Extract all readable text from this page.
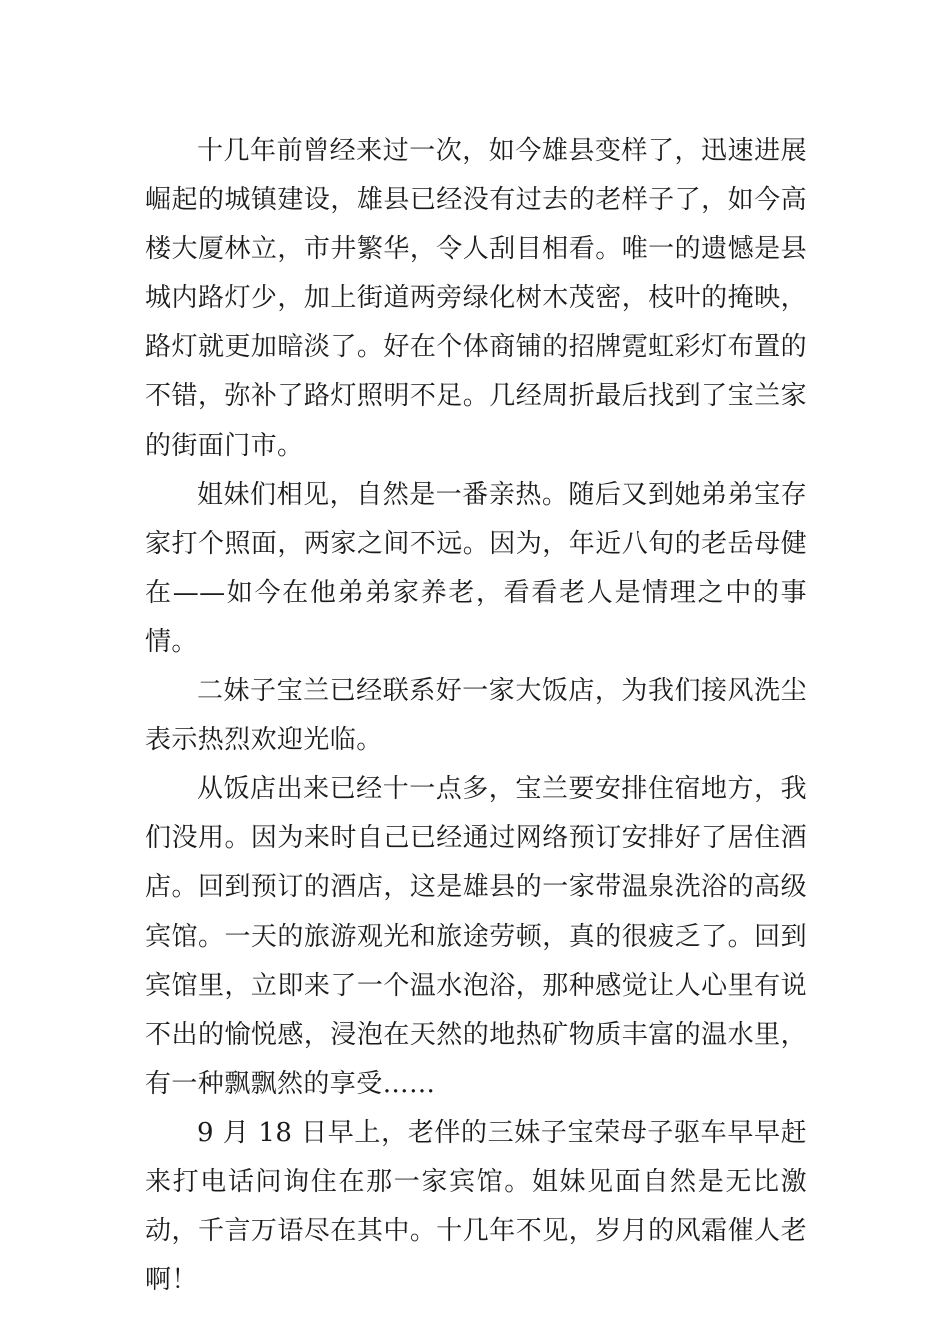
十几年前曾经来过一次，如今雄县变样了，迅速进展崛起的城镇建设，雄县已经没有过去的老样子了，如今高楼大厦林立，市井繁华，令人刮目相看。唯一的遗憾是县城内路灯少，加上街道两旁绿化树木茂密，枝叶的掩映，路灯就更加暗淡了。好在个体商铺的招牌霓虹彩灯布置的不错，弥补了路灯照明不足。几经周折最后找到了宝兰家的街面门市。

姐妹们相见，自然是一番亲热。随后又到她弟弟宝存家打个照面，两家之间不远。因为，年近八旬的老岳母健在——如今在他弟弟家养老，看看老人是情理之中的事情。

二妹子宝兰已经联系好一家大饭店，为我们接风洗尘表示热烈欢迎光临。

从饭店出来已经十一点多，宝兰要安排住宿地方，我们没用。因为来时自己已经通过网络预订安排好了居住酒店。回到预订的酒店，这是雄县的一家带温泉洗浴的高级宾馆。一天的旅游观光和旅途劳顿，真的很疲乏了。回到宾馆里，立即来了一个温水泡浴，那种感觉让人心里有说不出的愉悦感，浸泡在天然的地热矿物质丰富的温水里，有一种飘飘然的享受……

9 月 18 日早上，老伴的三妹子宝荣母子驱车早早赶来打电话问询住在那一家宾馆。姐妹见面自然是无比激动，千言万语尽在其中。十几年不见，岁月的风霜催人老啊！
